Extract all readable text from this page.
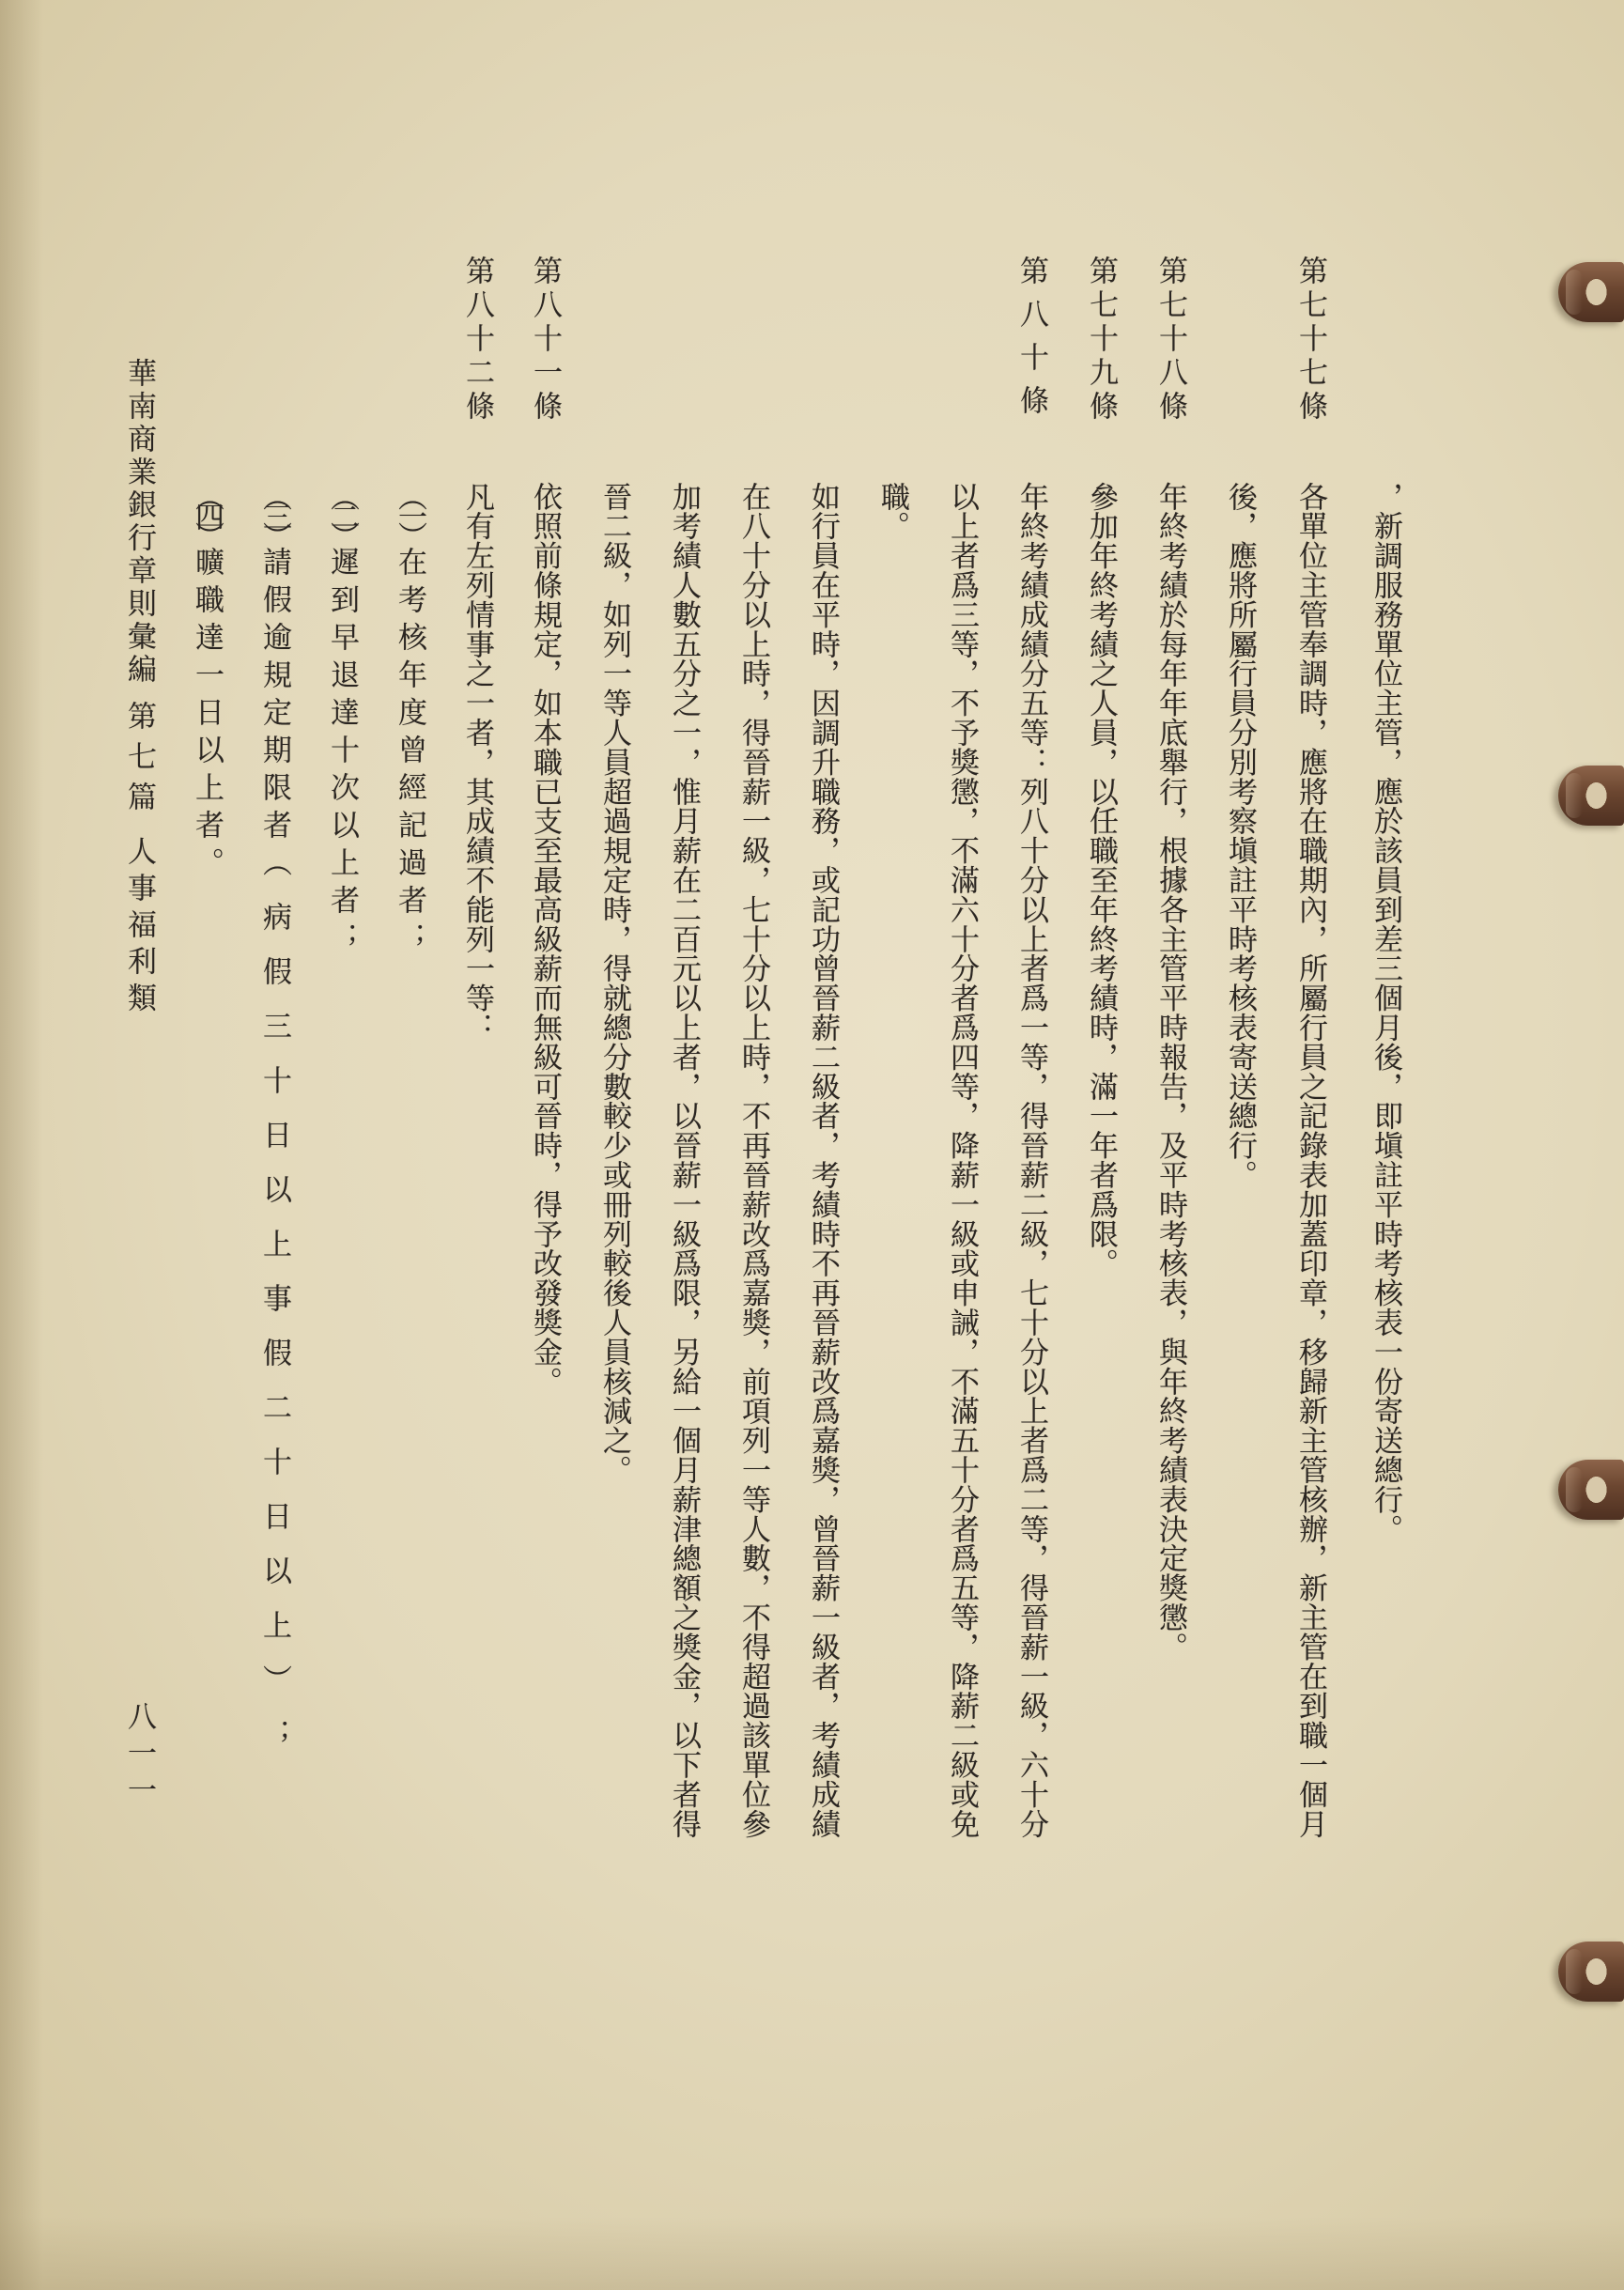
，新調服務單位主管，應於該員到差三個月後，即塡註平時考核表一份寄送總行。
第七十七條
各單位主管奉調時，應將在職期內，所屬行員之記錄表加蓋印章，移歸新主管核辦，新主管在到職一個月
後，應將所屬行員分別考察塡註平時考核表寄送總行。
第七十八條
年終考績於每年年底舉行，根據各主管平時報告，及平時考核表，與年終考績表決定獎懲。
第七十九條
參加年終考績之人員，以任職至年終考績時，滿一年者爲限。
第八十條
年終考績成績分五等：列八十分以上者爲一等，得晉薪二級，七十分以上者爲二等，得晉薪一級，六十分
以上者爲三等，不予獎懲，不滿六十分者爲四等，降薪一級或申誡，不滿五十分者爲五等，降薪二級或免
職。
如行員在平時，因調升職務，或記功曾晉薪二級者，考績時不再晉薪改爲嘉獎，曾晉薪一級者，考績成績
在八十分以上時，得晉薪一級，七十分以上時，不再晉薪改爲嘉獎，前項列一等人數，不得超過該單位參
加考績人數五分之一，惟月薪在二百元以上者，以晉薪一級爲限，另給一個月薪津總額之獎金，以下者得
晉二級，如列一等人員超過規定時，得就總分數較少或冊列較後人員核減之。
第八十一條
依照前條規定，如本職已支至最高級薪而無級可晉時，得予改發獎金。
第八十二條
凡有左列情事之一者，其成績不能列一等：
（一）在考核年度曾經記過者；
（二）遲到早退達十次以上者；
（三）請假逾規定期限者（病假三十日以上事假二十日以上）；
（四）曠職達一日以上者。
華南商業銀行章則彙編第七篇人事福利類
八一一
